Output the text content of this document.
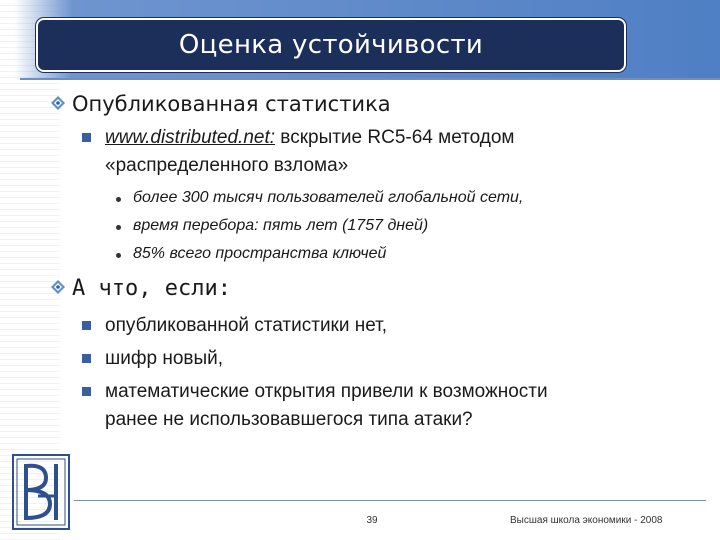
Оценка устойчивости
Опубликованная статистика
www.distributed.net: вскрытие RC5-64 методом
«распределенного взлома»
более 300 тысяч пользователей глобальной сети,
время перебора: пять лет (1757 дней)
85% всего пространства ключей
А что, если:
опубликованной статистики нет,
шифр новый,
математические открытия привели к возможности
ранее не использовавшегося типа атаки?
39	Высшая школа экономики - 2008
